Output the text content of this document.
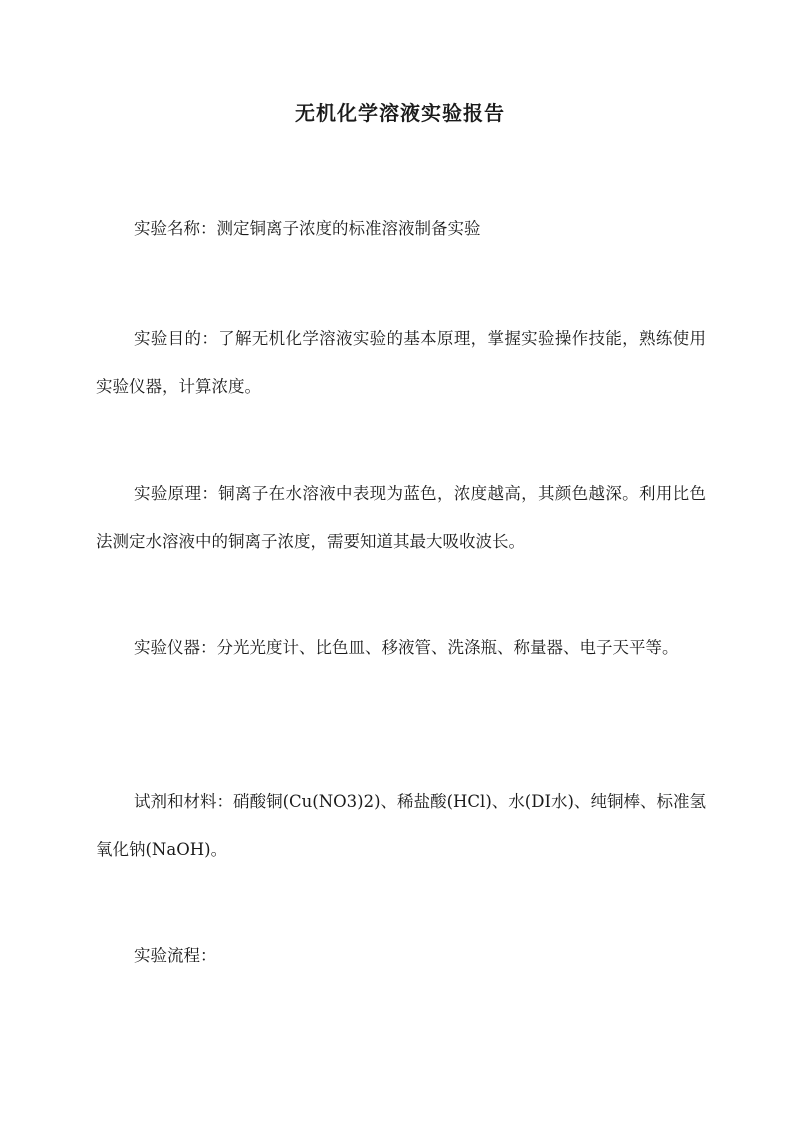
无机化学溶液实验报告
实验名称：测定铜离子浓度的标准溶液制备实验
实验目的：了解无机化学溶液实验的基本原理，掌握实验操作技能，熟练使用实验仪器，计算浓度。
实验原理：铜离子在水溶液中表现为蓝色，浓度越高，其颜色越深。利用比色法测定水溶液中的铜离子浓度，需要知道其最大吸收波长。
实验仪器：分光光度计、比色皿、移液管、洗涤瓶、称量器、电子天平等。
试剂和材料：硝酸铜(Cu(NO3)2)、稀盐酸(HCl)、水(DI水)、纯铜棒、标准氢氧化钠(NaOH)。
实验流程：
